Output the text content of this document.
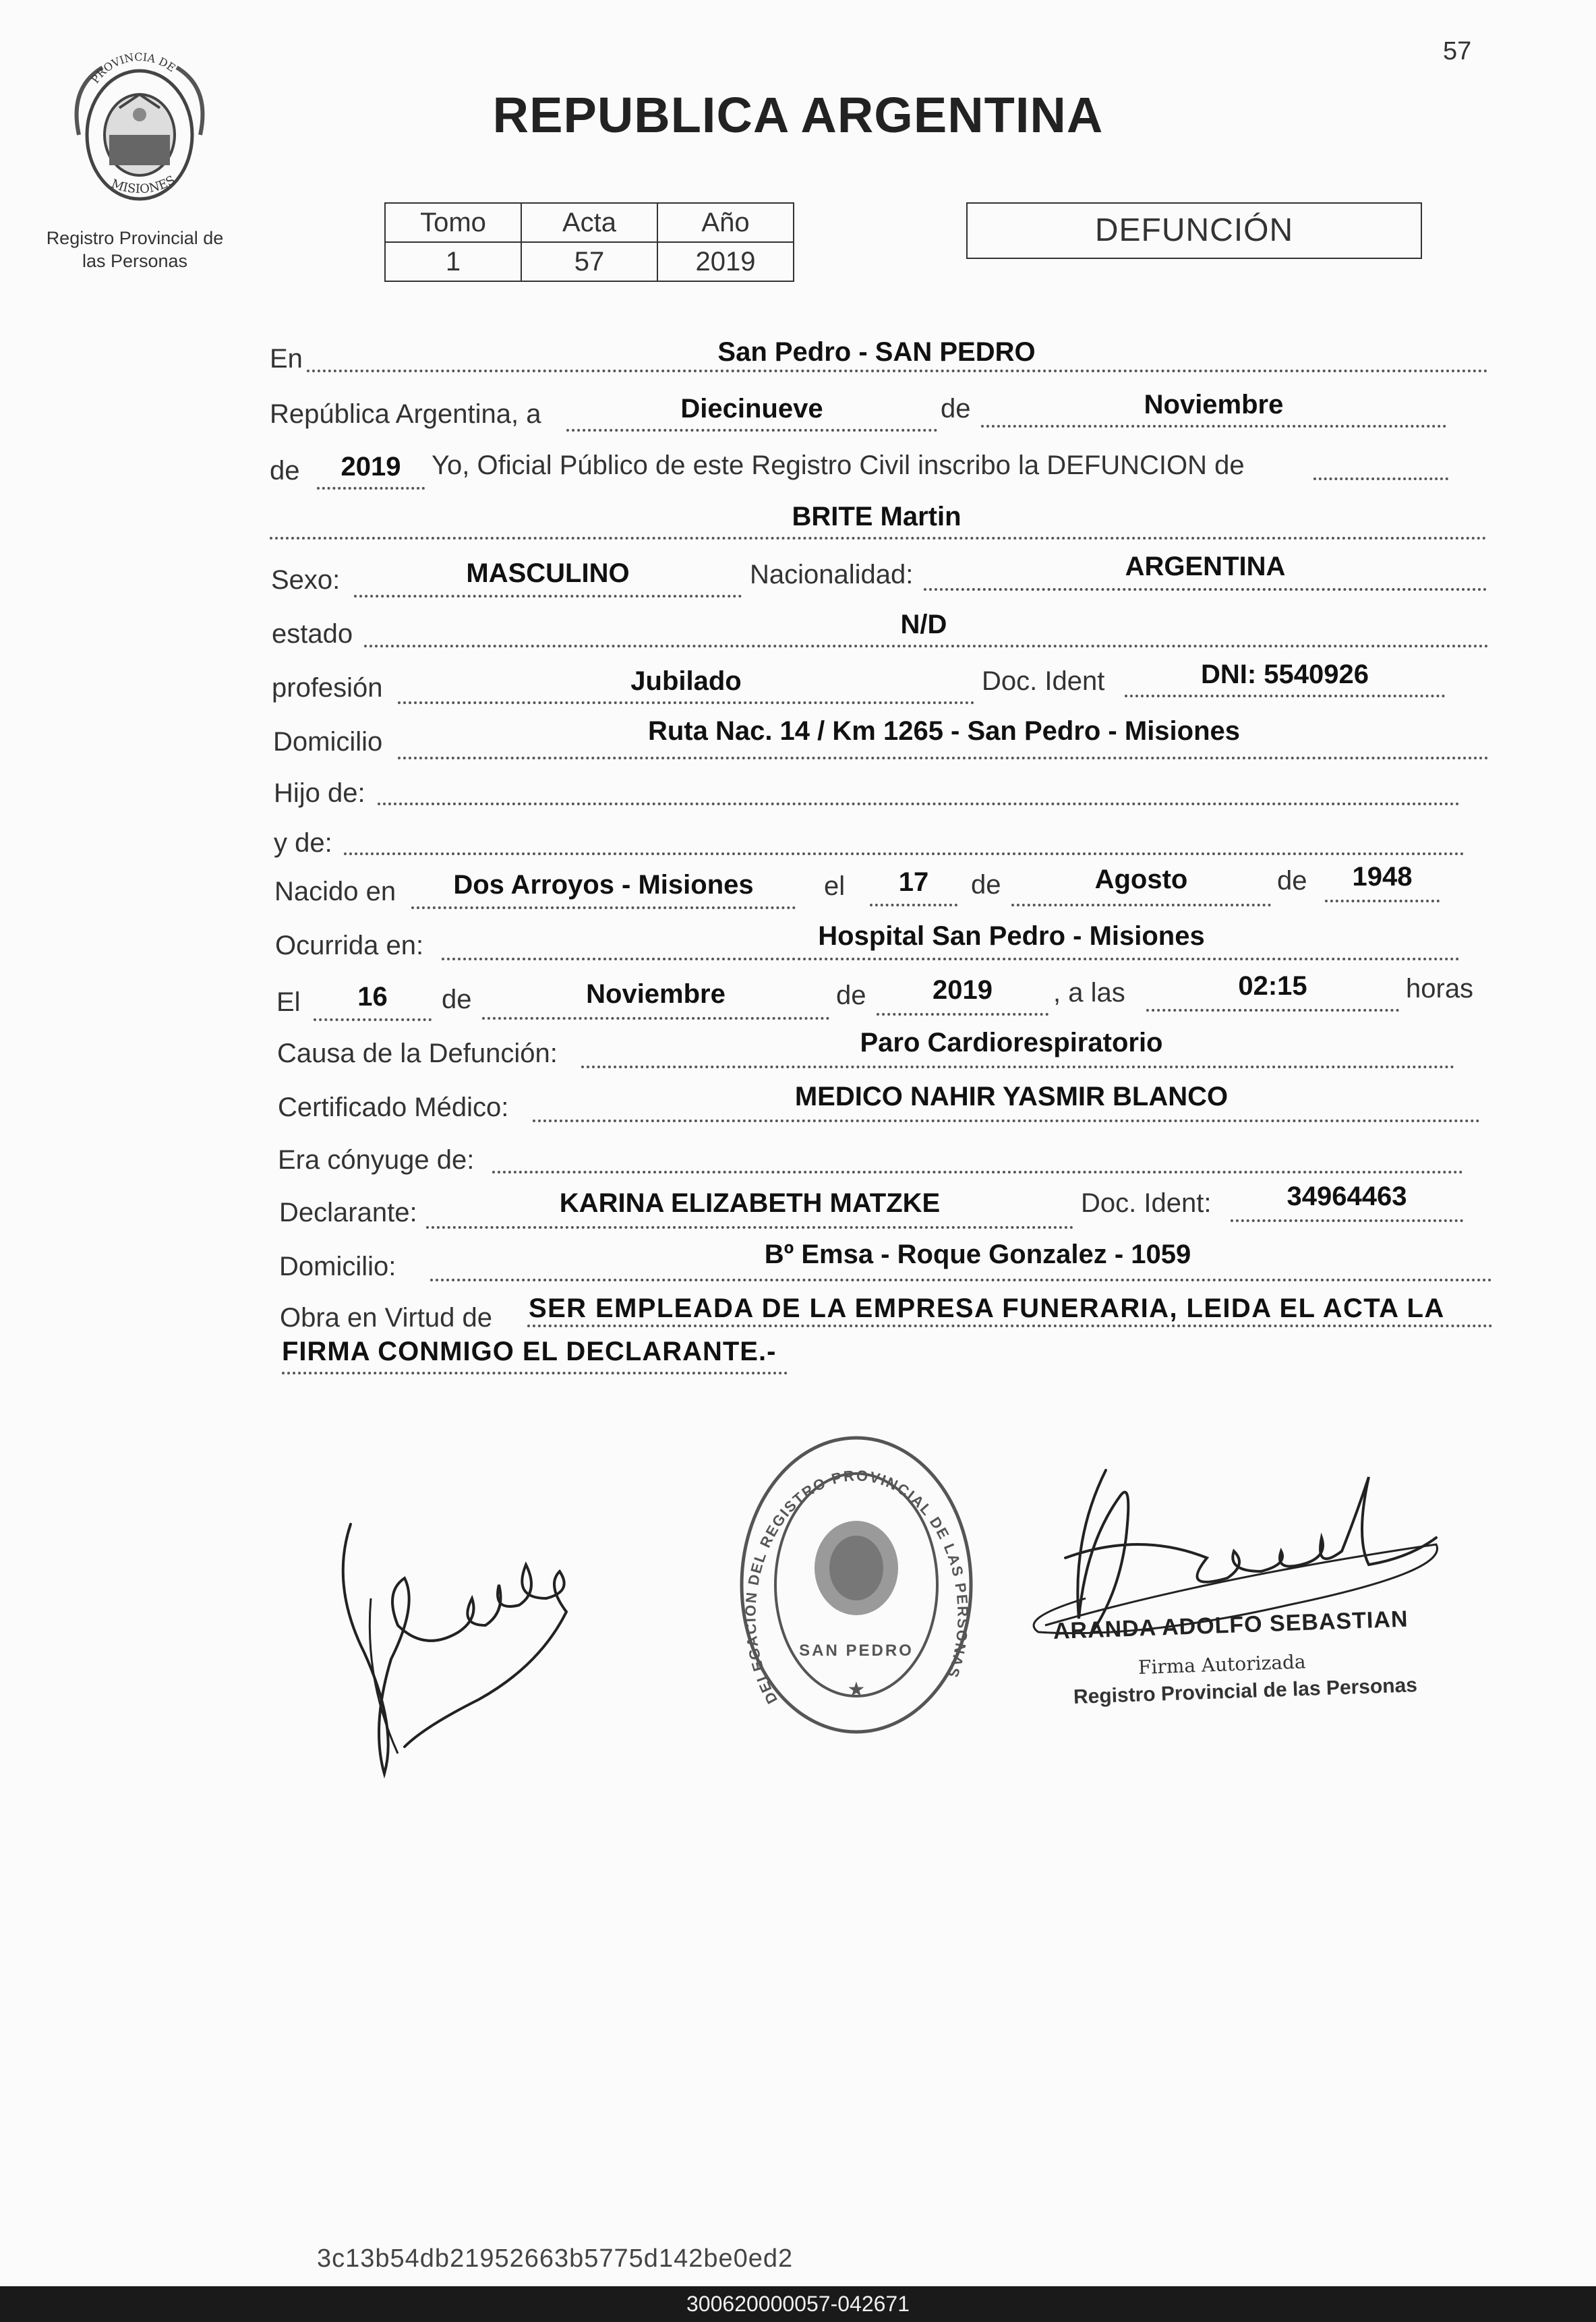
57
PROVINCIA DE
MISIONES
Registro Provincial de
las Personas
REPUBLICA ARGENTINA
Tomo	Acta	Año
1	57	2019
DEFUNCIÓN
En	San Pedro - SAN PEDRO
República Argentina, a	Diecinueve	de	Noviembre
de	2019	Yo, Oficial Público de este Registro Civil inscribo la DEFUNCION de
BRITE Martin
Sexo:	MASCULINO	Nacionalidad:	ARGENTINA
estado	N/D
profesión	Jubilado	Doc. Ident	DNI: 5540926
Domicilio	Ruta Nac. 14 / Km 1265 - San Pedro - Misiones
Hijo de:
y de:
Nacido en	Dos Arroyos - Misiones	el	17	de	Agosto	de	1948
Ocurrida en:	Hospital San Pedro - Misiones
El	16	de	Noviembre	de	2019	, a las	02:15	horas
Causa de la Defunción:	Paro Cardiorespiratorio
Certificado Médico:	MEDICO NAHIR YASMIR BLANCO
Era cónyuge de:
Declarante:	KARINA ELIZABETH MATZKE	Doc. Ident:	34964463
Domicilio:	Bº Emsa - Roque Gonzalez - 1059
Obra en Virtud de SER EMPLEADA DE LA EMPRESA FUNERARIA, LEIDA EL ACTA LA
FIRMA CONMIGO EL DECLARANTE.-
DELEGACION DEL REGISTRO PROVINCIAL DE LAS PERSONAS
SAN PEDRO
★
ARANDA ADOLFO SEBASTIAN
Firma Autorizada
Registro Provincial de las Personas
3c13b54db21952663b5775d142be0ed2
300620000057-042671
